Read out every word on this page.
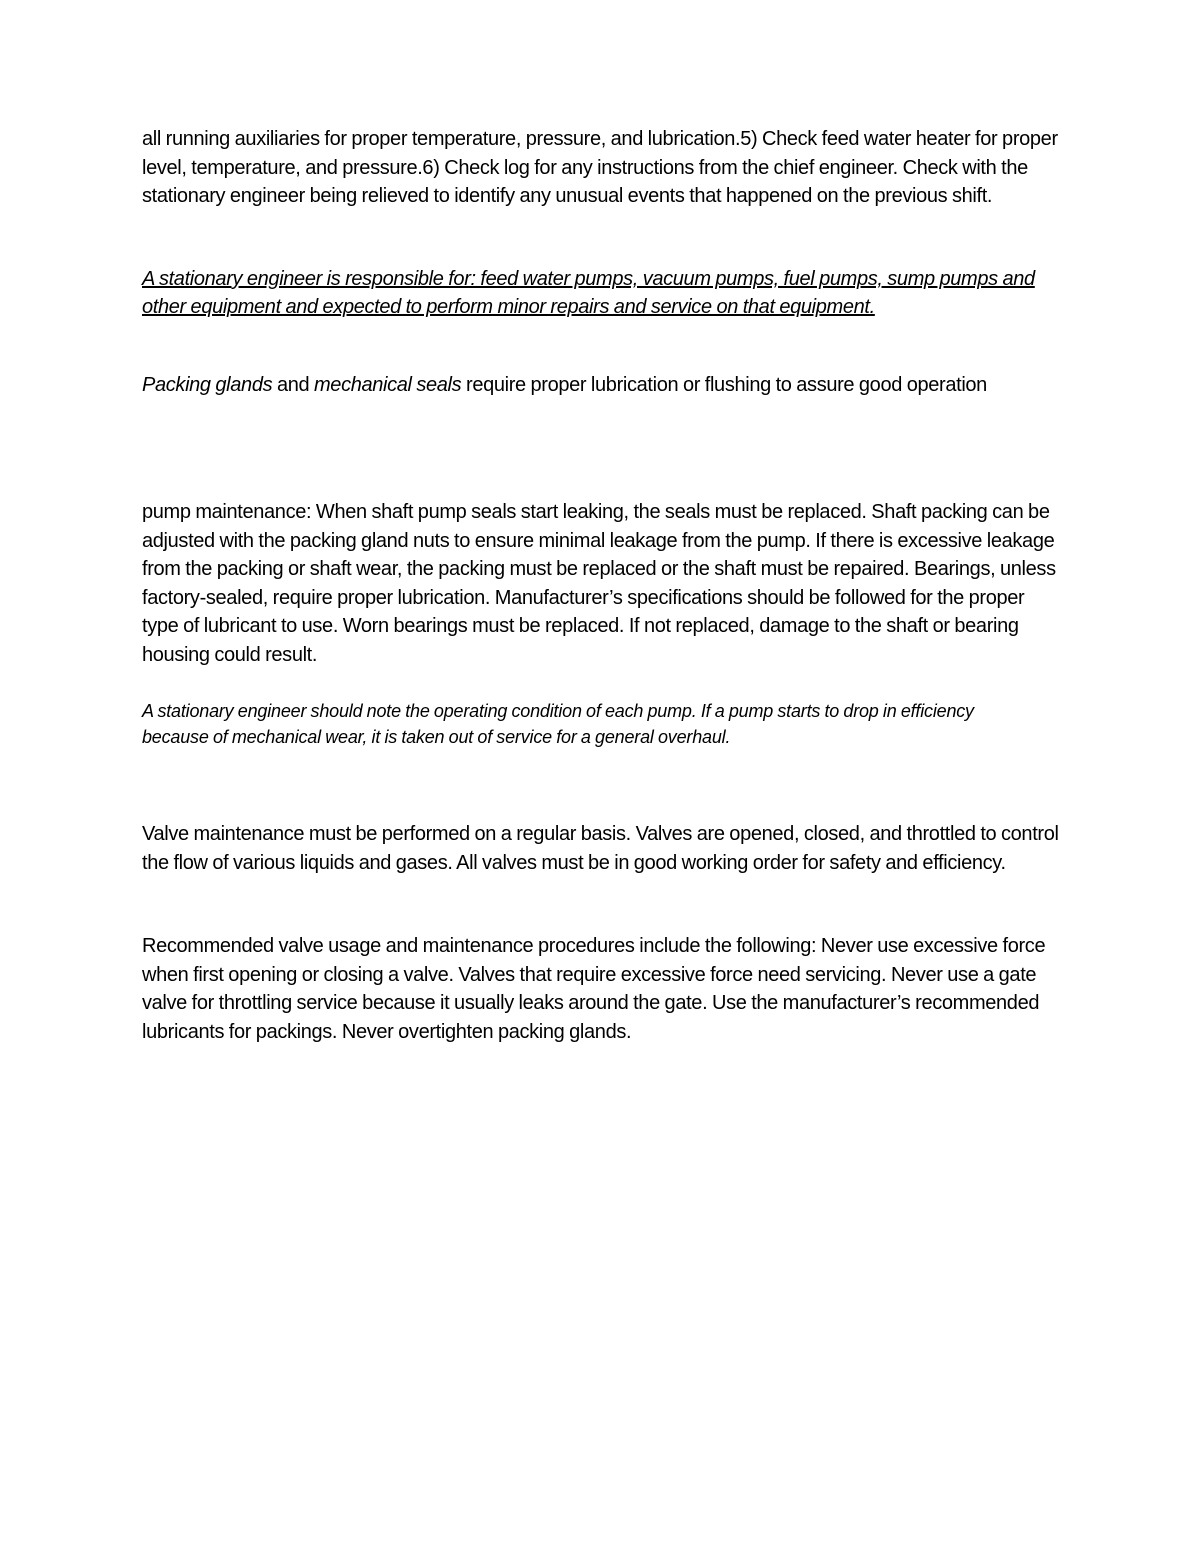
all running auxiliaries for proper temperature, pressure, and lubrication.5) Check feed water heater for proper level, temperature, and pressure.6) Check log for any instructions from the chief engineer. Check with the stationary engineer being relieved to identify any unusual events that happened on the previous shift.

A stationary engineer is responsible for: feed water pumps, vacuum pumps, fuel pumps, sump pumps and other equipment and expected to perform minor repairs and service on that equipment.

Packing glands and mechanical seals require proper lubrication or flushing to assure good operation

pump maintenance: When shaft pump seals start leaking, the seals must be replaced. Shaft packing can be adjusted with the packing gland nuts to ensure minimal leakage from the pump. If there is excessive leakage from the packing or shaft wear, the packing must be replaced or the shaft must be repaired. Bearings, unless factory-sealed, require proper lubrication. Manufacturer’s specifications should be followed for the proper type of lubricant to use. Worn bearings must be replaced. If not replaced, damage to the shaft or bearing housing could result.

A stationary engineer should note the operating condition of each pump. If a pump starts to drop in efficiency because of mechanical wear, it is taken out of service for a general overhaul.

Valve maintenance must be performed on a regular basis. Valves are opened, closed, and throttled to control the flow of various liquids and gases. All valves must be in good working order for safety and efficiency.

Recommended valve usage and maintenance procedures include the following: Never use excessive force when first opening or closing a valve. Valves that require excessive force need servicing. Never use a gate valve for throttling service because it usually leaks around the gate. Use the manufacturer’s recommended lubricants for packings. Never overtighten packing glands.
